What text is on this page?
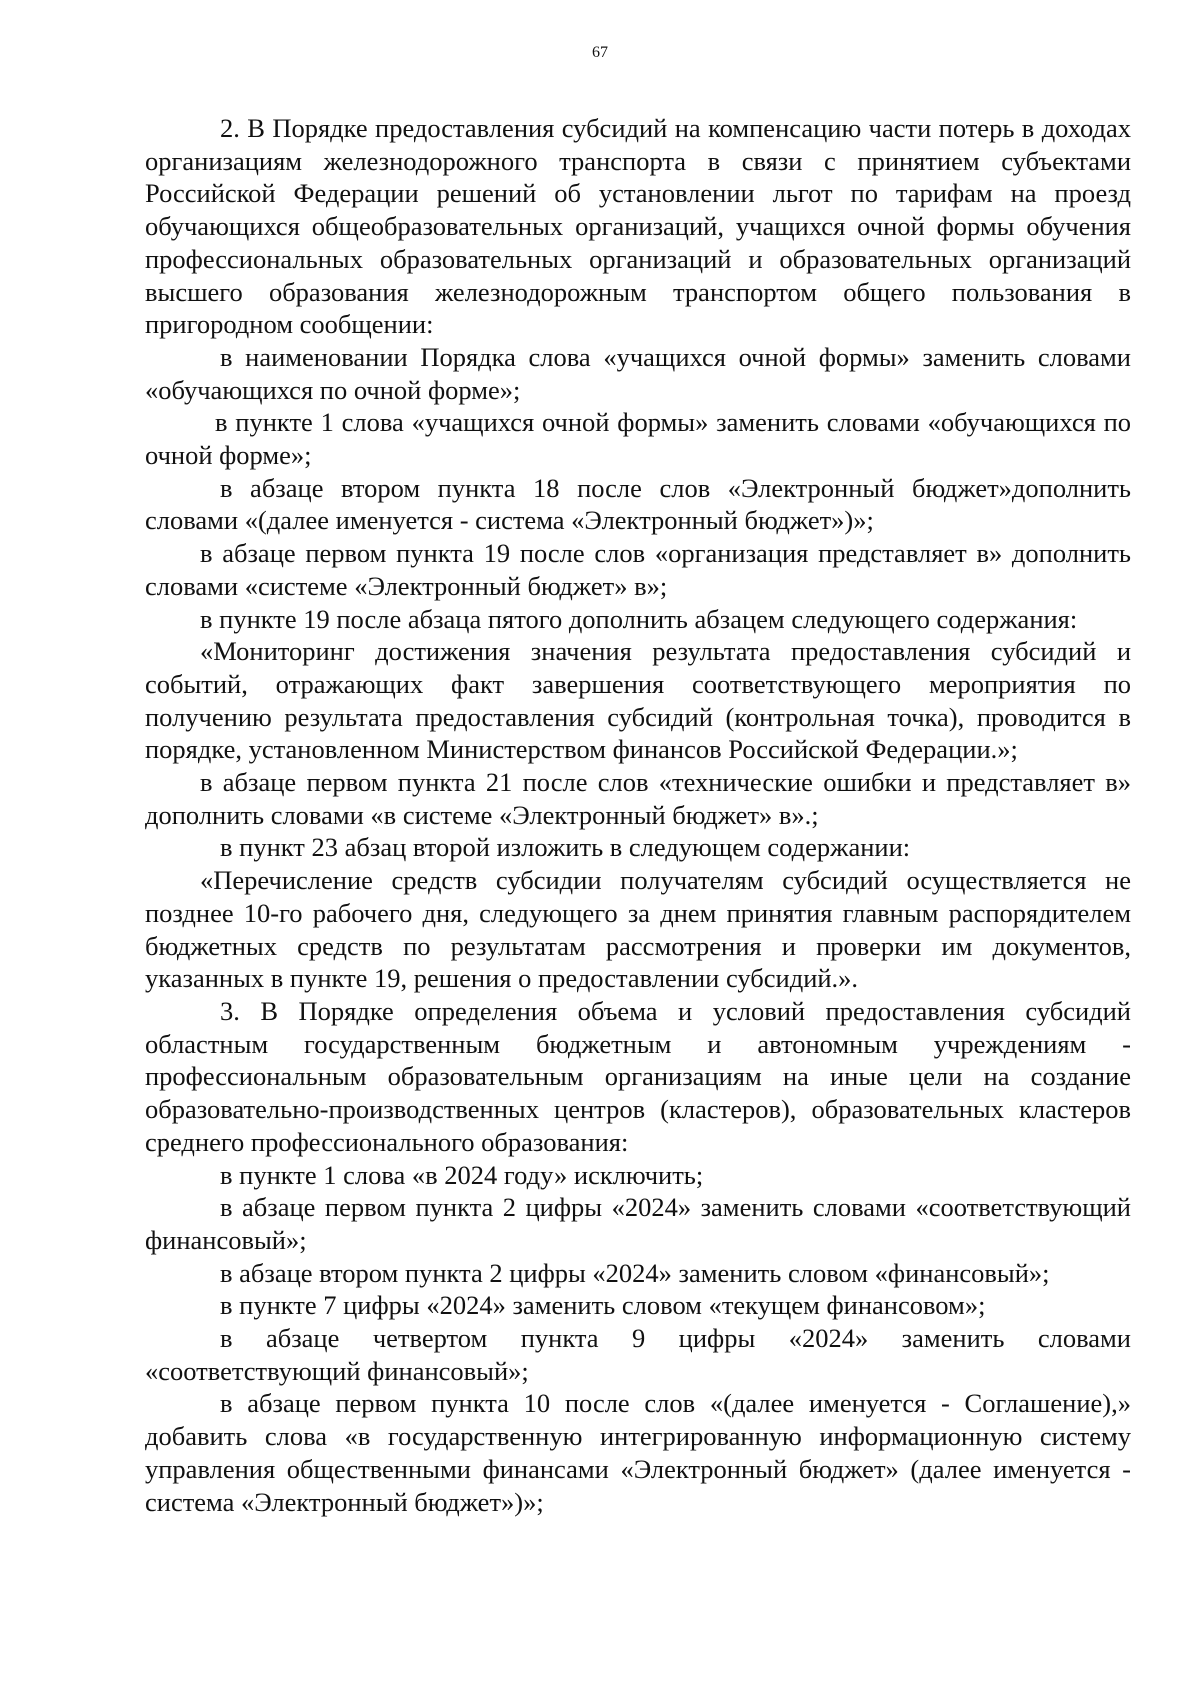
67

2. В Порядке предоставления субсидий на компенсацию части потерь в доходах организациям железнодорожного транспорта в связи с принятием субъектами Российской Федерации решений об установлении льгот по тарифам на проезд обучающихся общеобразовательных организаций, учащихся очной формы обучения профессиональных образовательных организаций и образовательных организаций высшего образования железнодорожным транспортом общего пользования в пригородном сообщении:

в наименовании Порядка слова «учащихся очной формы» заменить словами «обучающихся по очной форме»;

в пункте 1 слова «учащихся очной формы» заменить словами «обучающихся по очной форме»;

в абзаце втором пункта 18 после слов «Электронный бюджет»дополнить словами «(далее именуется - система «Электронный бюджет»)»;

в абзаце первом пункта 19 после слов «организация представляет в» дополнить словами «системе «Электронный бюджет» в»;

в пункте 19 после абзаца пятого дополнить абзацем следующего содержания:

«Мониторинг достижения значения результата предоставления субсидий и событий, отражающих факт завершения соответствующего мероприятия по получению результата предоставления субсидий (контрольная точка), проводится в порядке, установленном Министерством финансов Российской Федерации.»;

в абзаце первом пункта 21 после слов «технические ошибки и представляет в» дополнить словами «в системе «Электронный бюджет» в».;

в пункт 23 абзац второй изложить в следующем содержании:

«Перечисление средств субсидии получателям субсидий осуществляется не позднее 10-го рабочего дня, следующего за днем принятия главным распорядителем бюджетных средств по результатам рассмотрения и проверки им документов, указанных в пункте 19, решения о предоставлении субсидий.».

3. В Порядке определения объема и условий предоставления субсидий областным государственным бюджетным и автономным учреждениям - профессиональным образовательным организациям на иные цели на создание образовательно-производственных центров (кластеров), образовательных кластеров среднего профессионального образования:

в пункте 1 слова «в 2024 году» исключить;

в абзаце первом пункта 2 цифры «2024» заменить словами «соответствующий финансовый»;

в абзаце втором пункта 2 цифры «2024» заменить словом «финансовый»;

в пункте 7 цифры «2024» заменить словом «текущем финансовом»;

в абзаце четвертом пункта 9 цифры «2024» заменить словами «соответствующий финансовый»;

в абзаце первом пункта 10 после слов «(далее именуется - Соглашение),» добавить слова «в государственную интегрированную информационную систему управления общественными финансами «Электронный бюджет» (далее именуется - система «Электронный бюджет»)»;
